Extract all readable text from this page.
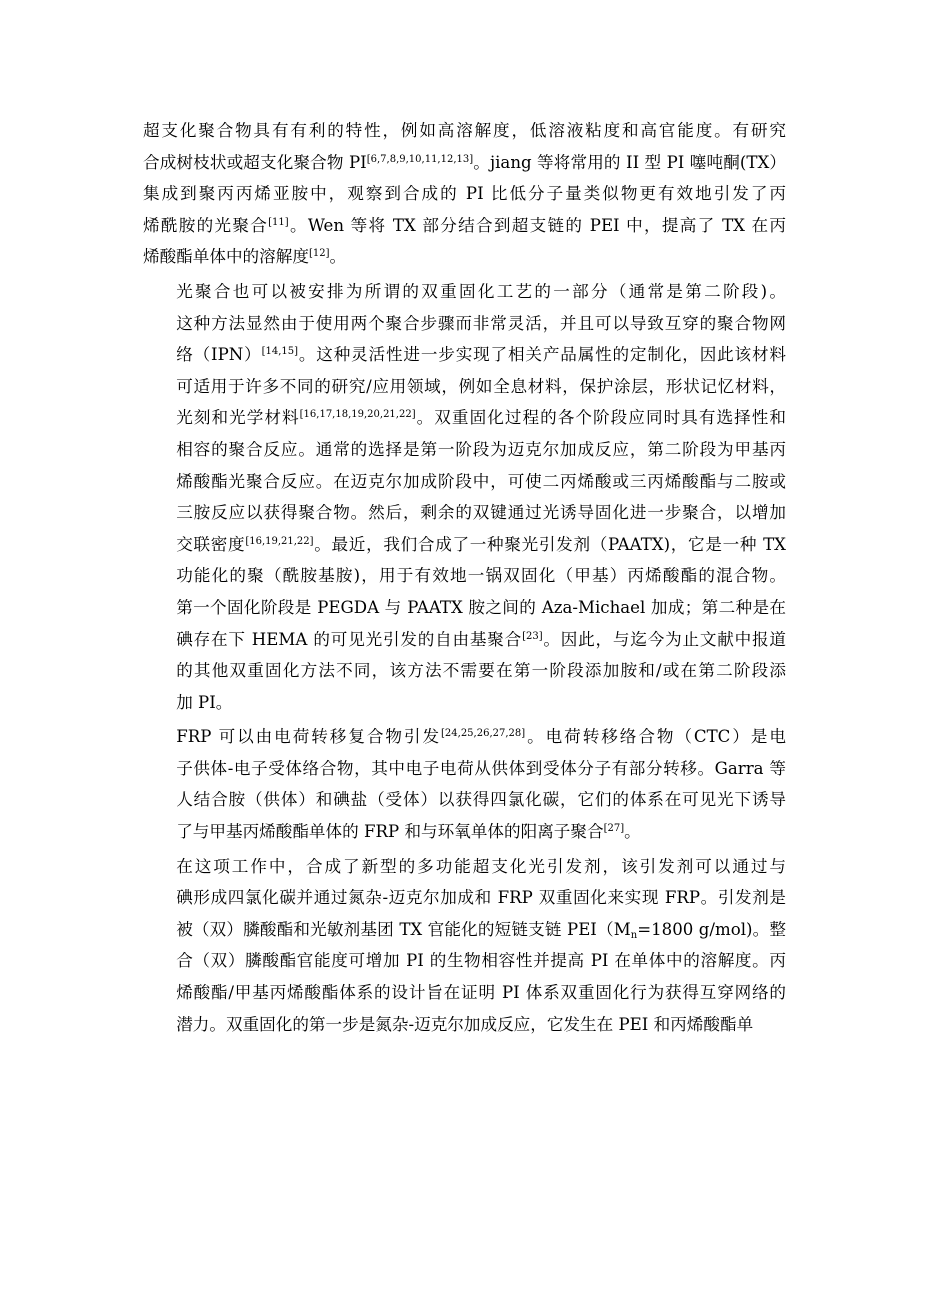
超支化聚合物具有有利的特性，例如高溶解度，低溶液粘度和高官能度。有研究
合成树枝状或超支化聚合物 PI[6,7,8,9,10,11,12,13]。jiang 等将常用的 II 型 PI 噻吨酮(TX）
集成到聚丙丙烯亚胺中，观察到合成的 PI 比低分子量类似物更有效地引发了丙
烯酰胺的光聚合[11]。Wen 等将 TX 部分结合到超支链的 PEI 中，提高了 TX 在丙
烯酸酯单体中的溶解度[12]。
光聚合也可以被安排为所谓的双重固化工艺的一部分（通常是第二阶段)。
这种方法显然由于使用两个聚合步骤而非常灵活，并且可以导致互穿的聚合物网
络（IPN）[14,15]。这种灵活性进一步实现了相关产品属性的定制化，因此该材料
可适用于许多不同的研究/应用领域，例如全息材料，保护涂层，形状记忆材料，
光刻和光学材料[16,17,18,19,20,21,22]。双重固化过程的各个阶段应同时具有选择性和
相容的聚合反应。通常的选择是第一阶段为迈克尔加成反应，第二阶段为甲基丙
烯酸酯光聚合反应。在迈克尔加成阶段中，可使二丙烯酸或三丙烯酸酯与二胺或
三胺反应以获得聚合物。然后，剩余的双键通过光诱导固化进一步聚合，以增加
交联密度[16,19,21,22]。最近，我们合成了一种聚光引发剂（PAATX)，它是一种 TX
功能化的聚（酰胺基胺)，用于有效地一锅双固化（甲基）丙烯酸酯的混合物。
第一个固化阶段是 PEGDA 与 PAATX 胺之间的 Aza-Michael 加成；第二种是在
碘存在下 HEMA 的可见光引发的自由基聚合[23]。因此，与迄今为止文献中报道
的其他双重固化方法不同，该方法不需要在第一阶段添加胺和/或在第二阶段添
加 PI。
FRP 可以由电荷转移复合物引发[24,25,26,27,28]。电荷转移络合物（CTC）是电
子供体-电子受体络合物，其中电子电荷从供体到受体分子有部分转移。Garra 等
人结合胺（供体）和碘盐（受体）以获得四氯化碳，它们的体系在可见光下诱导
了与甲基丙烯酸酯单体的 FRP 和与环氧单体的阳离子聚合[27]。
在这项工作中，合成了新型的多功能超支化光引发剂，该引发剂可以通过与
碘形成四氯化碳并通过氮杂-迈克尔加成和 FRP 双重固化来实现 FRP。引发剂是
被（双）膦酸酯和光敏剂基团 TX 官能化的短链支链 $PEI(M_n=1800$ g/mol)。整
合（双）膦酸酯官能度可增加 PI 的生物相容性并提高 PI 在单体中的溶解度。丙
烯酸酯/甲基丙烯酸酯体系的设计旨在证明 PI 体系双重固化行为获得互穿网络的
潜力。双重固化的第一步是氮杂-迈克尔加成反应，它发生在 PEI 和丙烯酸酯单
